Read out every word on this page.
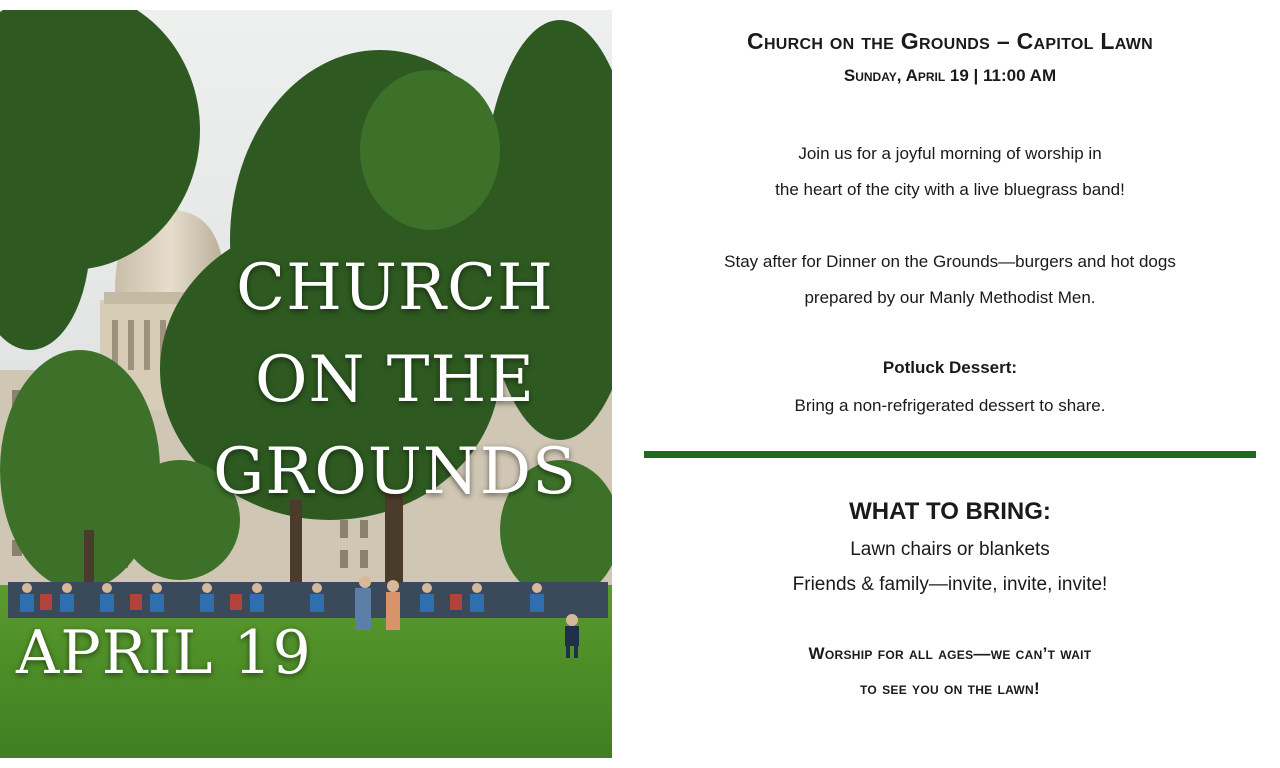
CHURCH
ON THE
GROUNDS
APRIL 19
Church on the Grounds – Capitol Lawn
Sunday, April 19 | 11:00 AM
Join us for a joyful morning of worship in
the heart of the city with a live bluegrass band!
Stay after for Dinner on the Grounds—burgers and hot dogs
prepared by our Manly Methodist Men.
Potluck Dessert:
Bring a non-refrigerated dessert to share.
WHAT TO BRING:
Lawn chairs or blankets
Friends & family—invite, invite, invite!
Worship for all ages—we can’t wait
to see you on the lawn!
